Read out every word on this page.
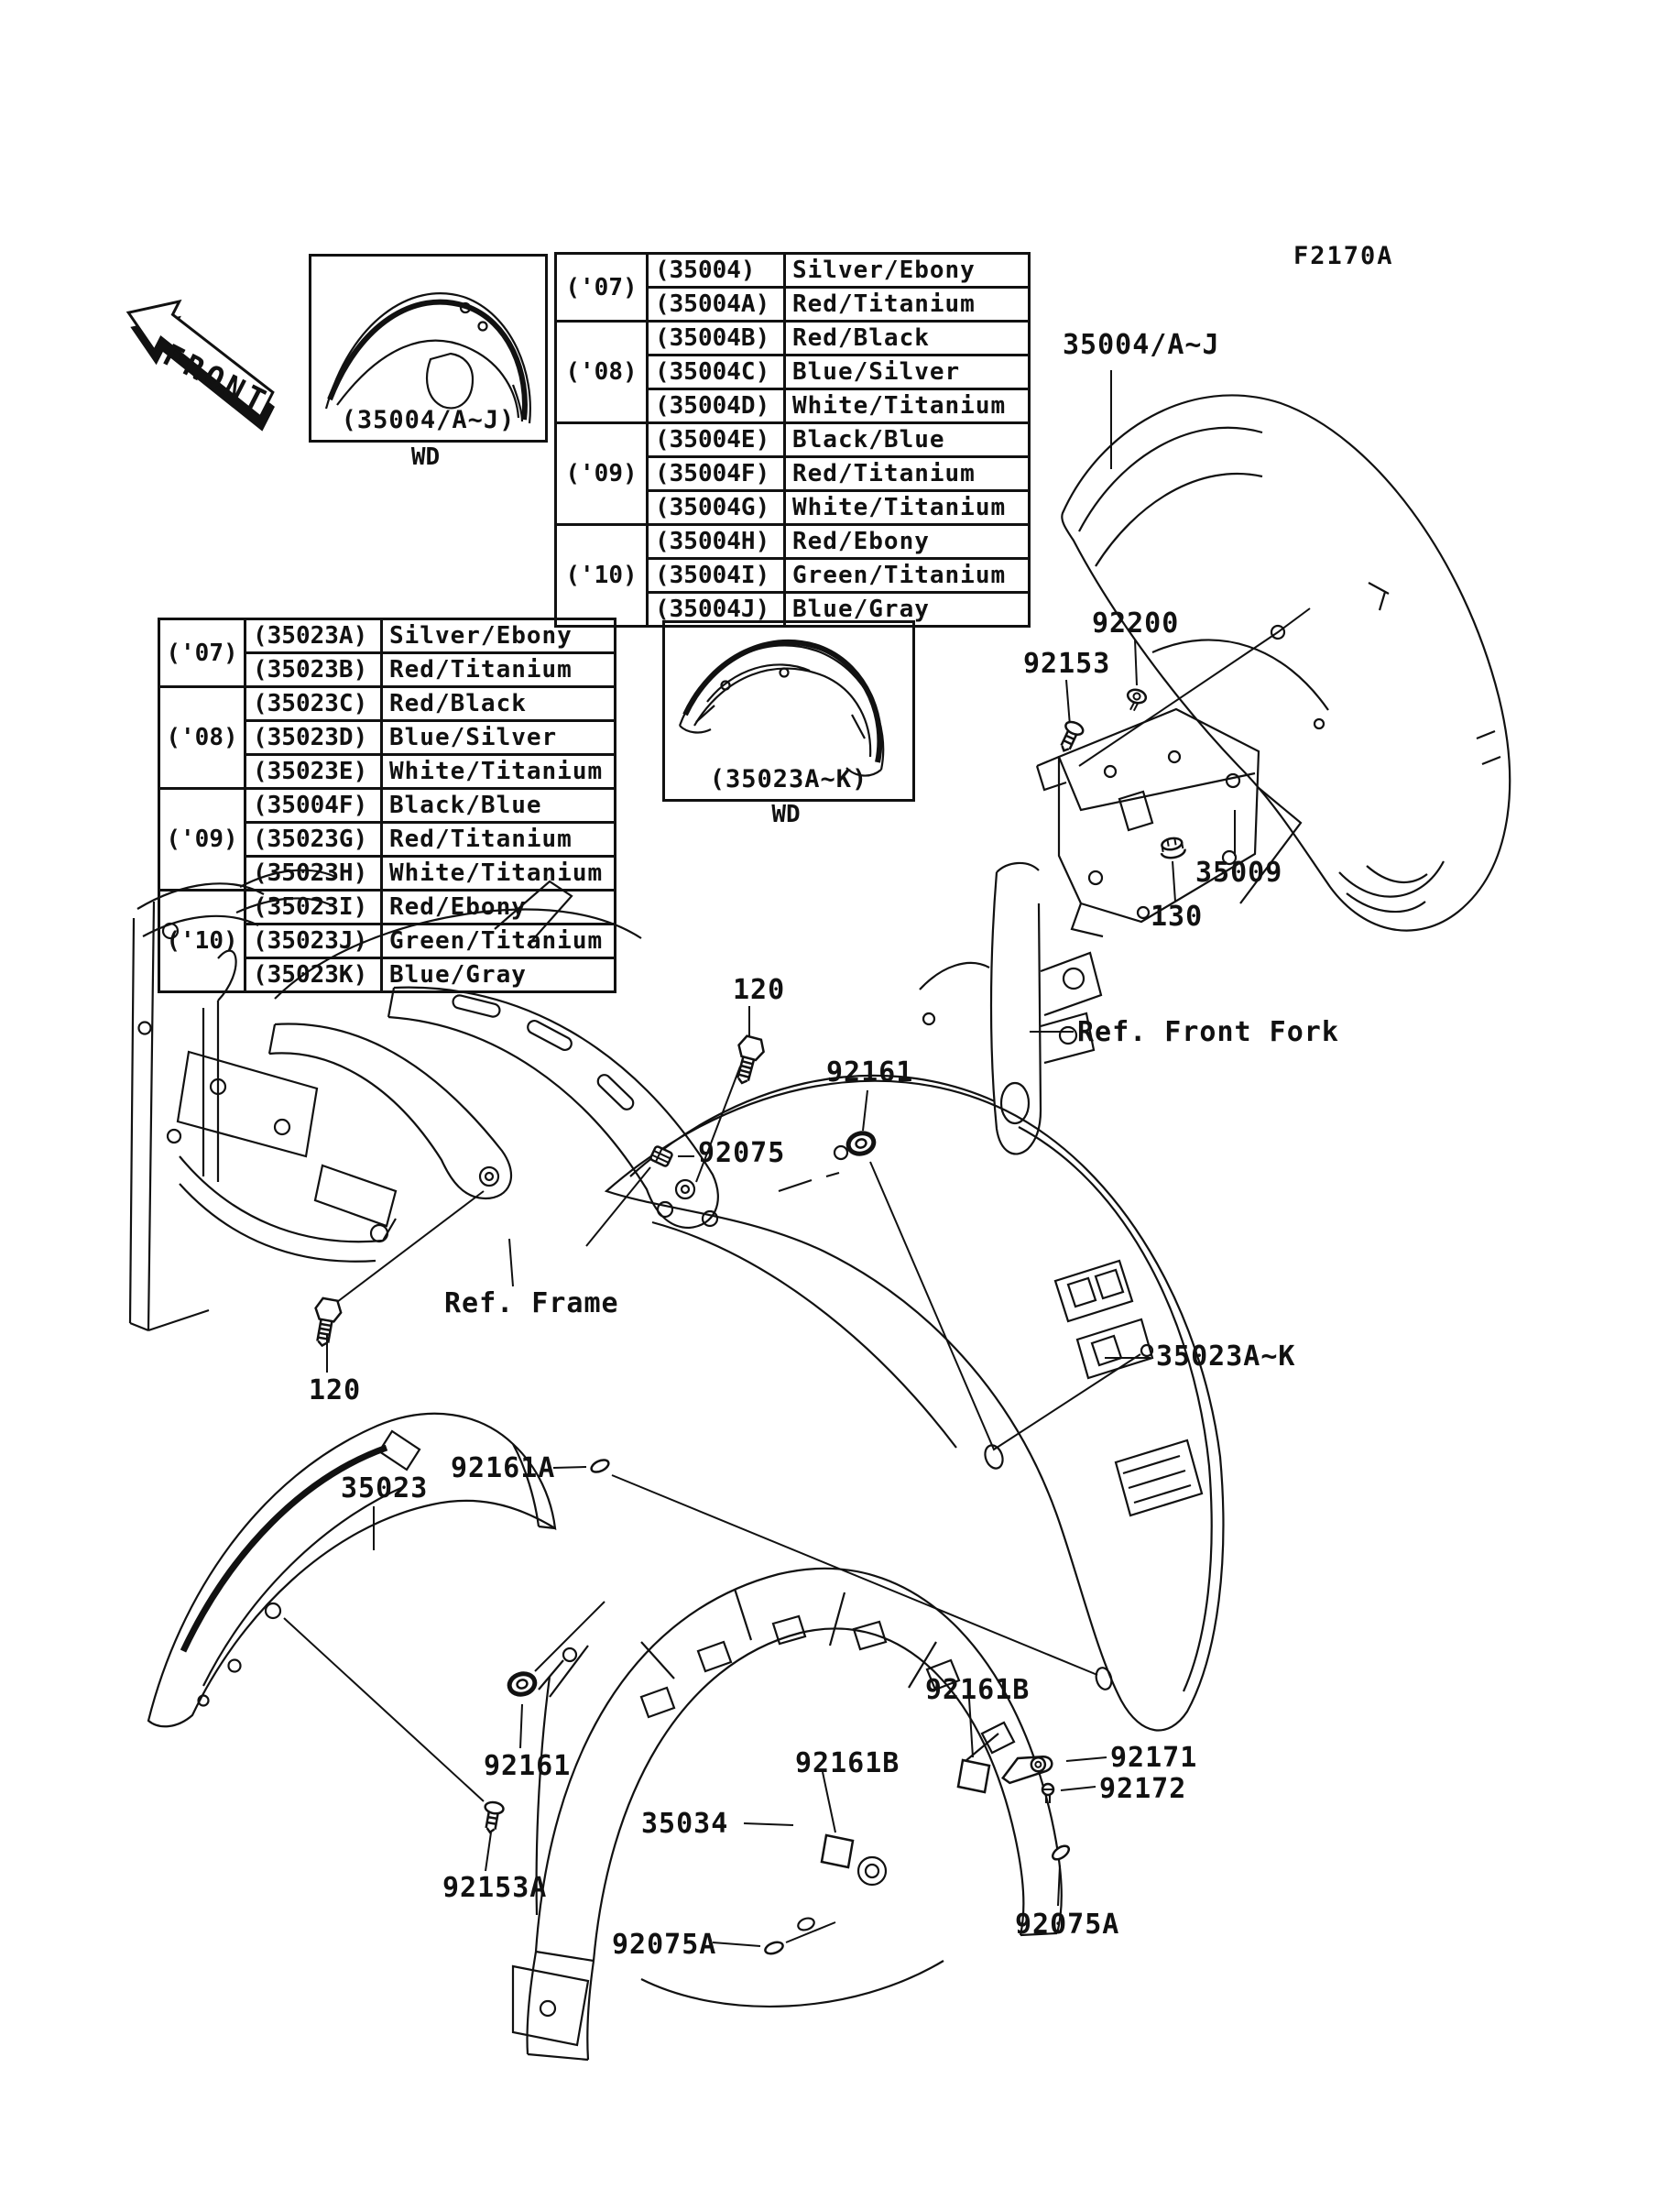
FRONT	(35004/A~J)
WD
(35023A~K)
WD
F2170A
('07)	(35004)	Silver/Ebony
	(35004A)	Red/Titanium
('08)	(35004B)	Red/Black
	(35004C)	Blue/Silver
	(35004D)	White/Titanium
('09)	(35004E)	Black/Blue
	(35004F)	Red/Titanium
	(35004G)	White/Titanium
('10)	(35004H)	Red/Ebony
	(35004I)	Green/Titanium
	(35004J)	Blue/Gray
('07)	(35023A)	Silver/Ebony
	(35023B)	Red/Titanium
('08)	(35023C)	Red/Black
	(35023D)	Blue/Silver
	(35023E)	White/Titanium
('09)	(35004F)	Black/Blue
	(35023G)	Red/Titanium
	(35023H)	White/Titanium
('10)	(35023I)	Red/Ebony
	(35023J)	Green/Titanium
	(35023K)	Blue/Gray
35004/A~J
92200
92153
35009
130
Ref. Front Fork
120
92161
92075
Ref. Frame
120
35023A~K
92161A
35023
92161B
92161	92161B	92171
92172
35034
92153A
92075A
92075A
